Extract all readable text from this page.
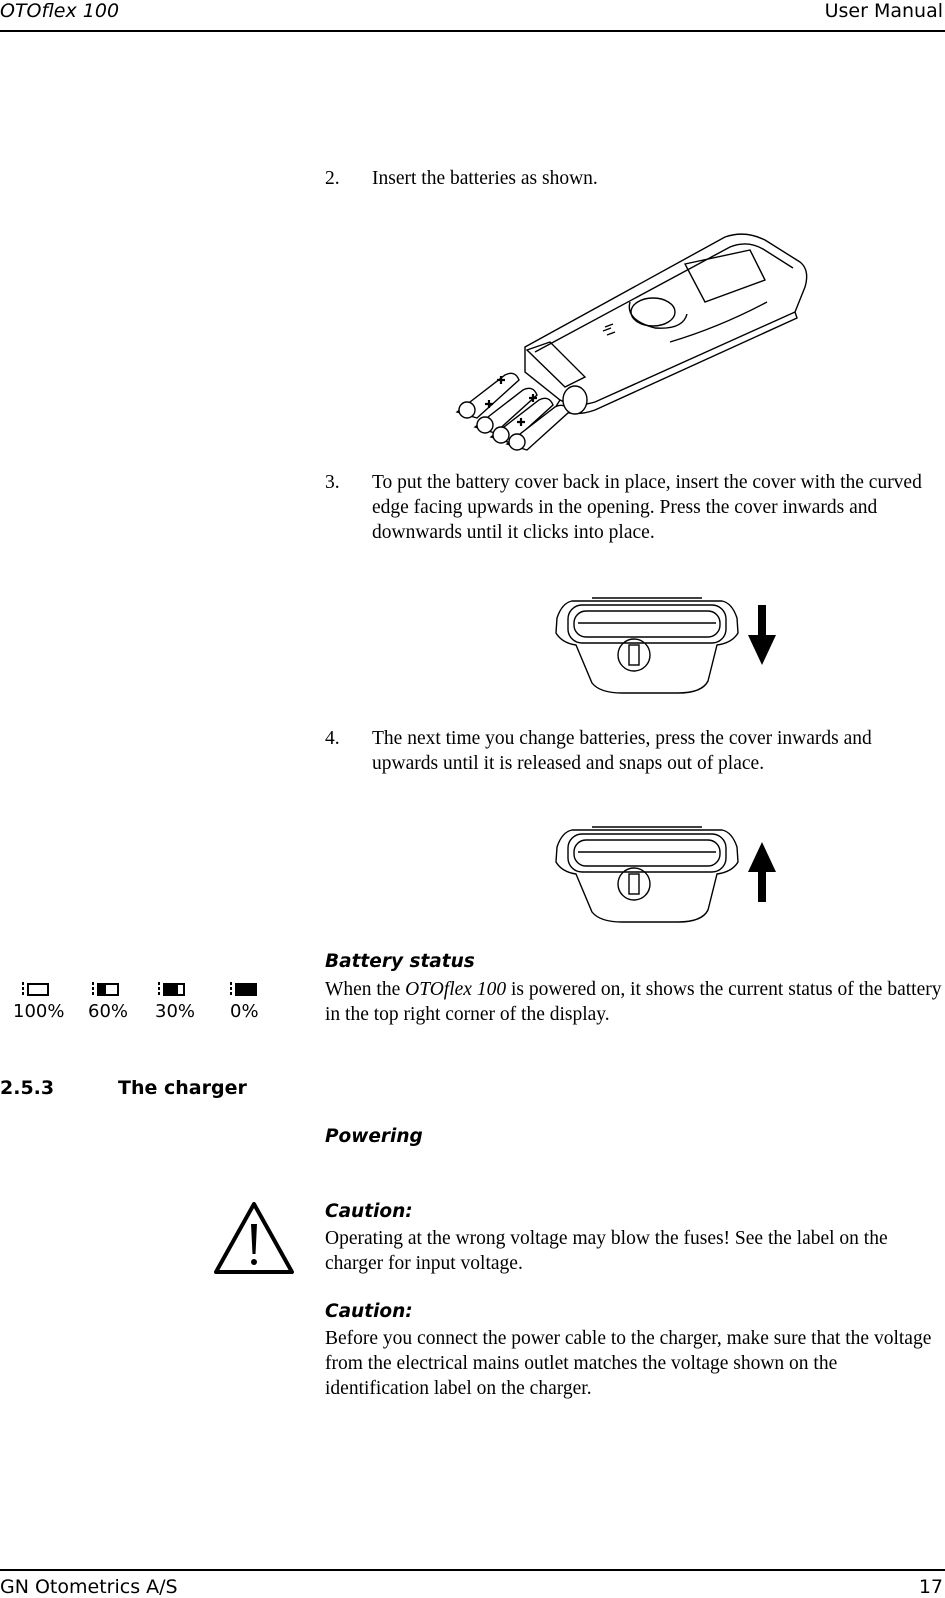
OTOflex 100	User Manual
2. Insert the batteries as shown.
3. To put the battery cover back in place, insert the cover with the curved edge facing upwards in the opening. Press the cover inwards and downwards until it clicks into place.
4. The next time you change batteries, press the cover inwards and upwards until it is released and snaps out of place.
Battery status
When the OTOflex 100 is powered on, it shows the current status of the battery in the top right corner of the display.
100% 60% 30% 0%
2.5.3	The charger
Powering
Caution:
Operating at the wrong voltage may blow the fuses! See the label on the charger for input voltage.
Caution:
Before you connect the power cable to the charger, make sure that the voltage from the electrical mains outlet matches the voltage shown on the identification label on the charger.
GN Otometrics A/S	17
